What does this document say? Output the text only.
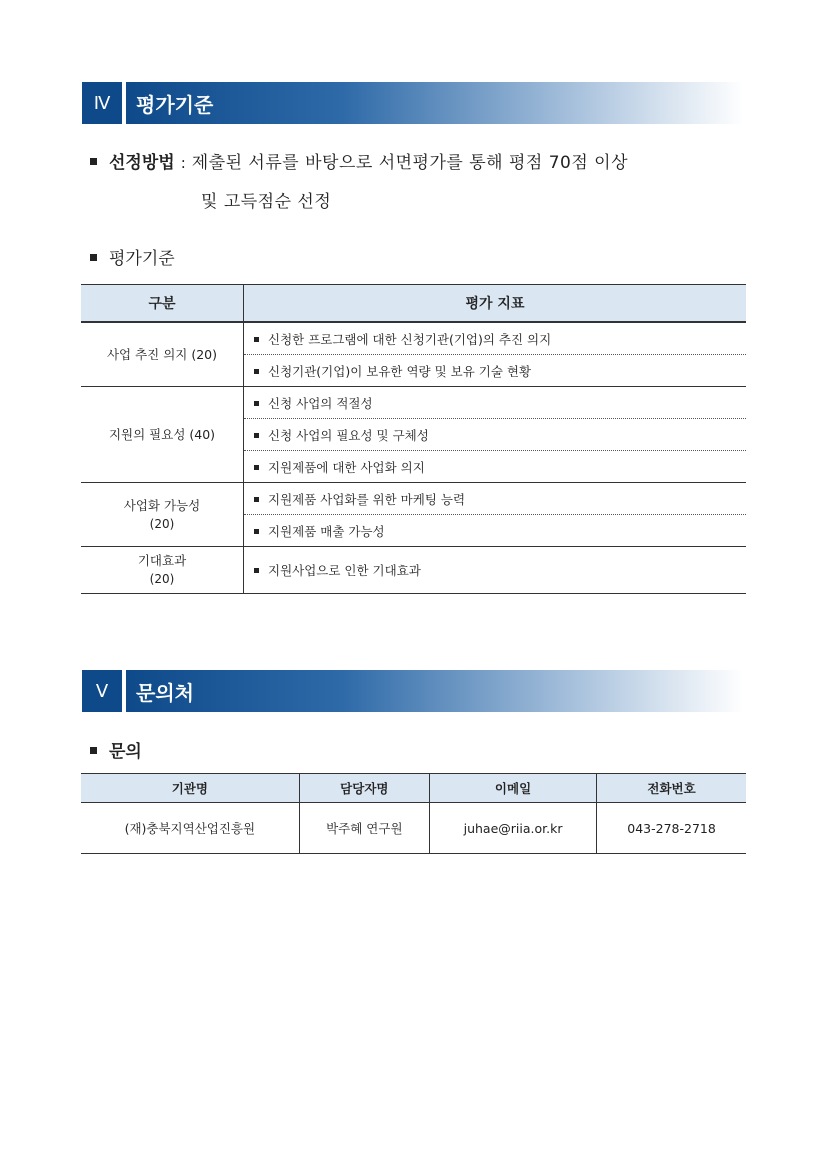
Ⅳ	평가기준
선정방법 : 제출된 서류를 바탕으로 서면평가를 통해 평점 70점 이상
및 고득점순 선정
평가기준
구분	평가 지표
사업 추진 의지 (20)	신청한 프로그램에 대한 신청기관(기업)의 추진 의지
	신청기관(기업)이 보유한 역량 및 보유 기술 현황
지원의 필요성 (40)	신청 사업의 적절성
	신청 사업의 필요성 및 구체성
	지원제품에 대한 사업화 의지
사업화 가능성
(20)	지원제품 사업화를 위한 마케팅 능력
	지원제품 매출 가능성
기대효과
(20)	지원사업으로 인한 기대효과
Ⅴ	문의처
문의
기관명	담당자명	이메일	전화번호
(재)충북지역산업진흥원	박주혜 연구원	juhae@riia.or.kr	043-278-2718
